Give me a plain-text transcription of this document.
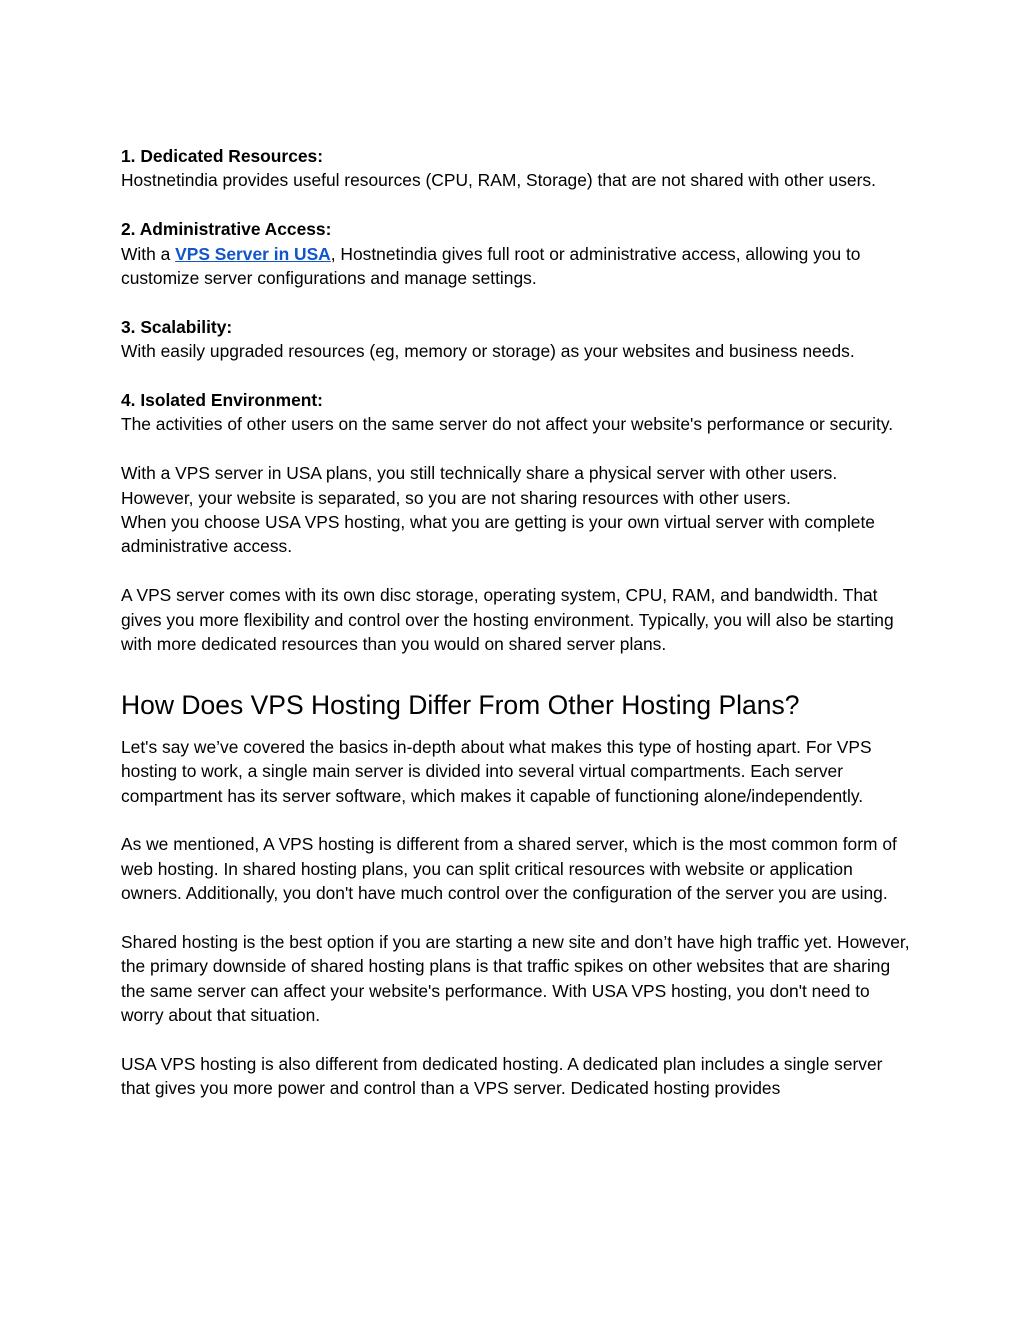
1. Dedicated Resources:
Hostnetindia provides useful resources (CPU, RAM, Storage) that are not shared with other users.
2. Administrative Access:
With a VPS Server in USA, Hostnetindia gives full root or administrative access, allowing you to customize server configurations and manage settings.
3. Scalability:
With easily upgraded resources (eg, memory or storage) as your websites and business needs.
4. Isolated Environment:
The activities of other users on the same server do not affect your website's performance or security.

With a VPS server in USA plans, you still technically share a physical server with other users. However, your website is separated, so you are not sharing resources with other users.

When you choose USA VPS hosting, what you are getting is your own virtual server with complete administrative access.

A VPS server comes with its own disc storage, operating system, CPU, RAM, and bandwidth. That gives you more flexibility and control over the hosting environment. Typically, you will also be starting with more dedicated resources than you would on shared server plans.

How Does VPS Hosting Differ From Other Hosting Plans?

Let's say we’ve covered the basics in-depth about what makes this type of hosting apart. For VPS hosting to work, a single main server is divided into several virtual compartments. Each server compartment has its server software, which makes it capable of functioning alone/independently.

As we mentioned, A VPS hosting is different from a shared server, which is the most common form of web hosting. In shared hosting plans, you can split critical resources with website or application owners. Additionally, you don't have much control over the configuration of the server you are using.

Shared hosting is the best option if you are starting a new site and don’t have high traffic yet. However, the primary downside of shared hosting plans is that traffic spikes on other websites that are sharing the same server can affect your website's performance. With USA VPS hosting, you don't need to worry about that situation.

USA VPS hosting is also different from dedicated hosting. A dedicated plan includes a single server that gives you more power and control than a VPS server. Dedicated hosting provides
